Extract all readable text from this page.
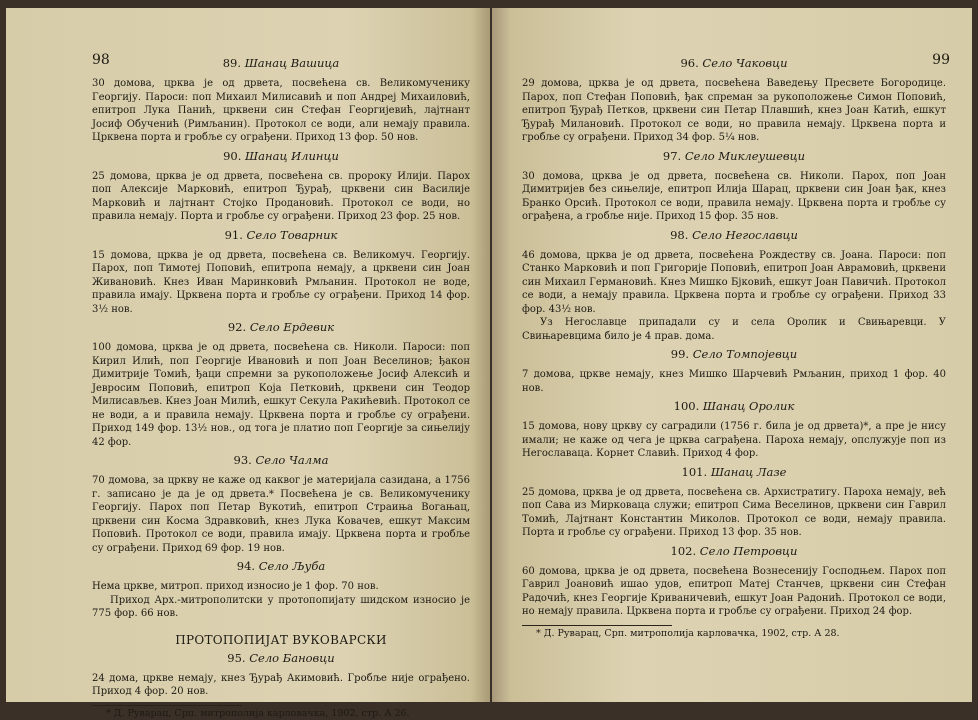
98	89. Шанац Вашица

30 домова, црква је од дрвета, посвећена св. Великомученику Георгију. Пароси: поп Михаил Милисавић и поп Андреј Михаиловић, епитроп Лука Панић, црквени син Стефан Георгијевић, лајтнант Јосиф Обученић (Римљанин). Протокол се води, али немају правила. Црквена порта и гробље су ограђени. Приход 13 фор. 50 нов.

90. Шанац Илинци

25 домова, црква је од дрвета, посвећена св. пророку Илији. Парох поп Алексије Марковић, епитроп Ђурађ, црквени син Василије Марковић и лајтнант Стојко Продановић. Протокол се води, но правила немају. Порта и гробље су ограђени. Приход 23 фор. 25 нов.

91. Село Товарник

15 домова, црква је од дрвета, посвећена св. Великомуч. Георгију. Парох, поп Тимотеј Поповић, епитропа немају, а црквени син Јоан Живановић. Кнез Иван Маринковић Рмљанин. Протокол не воде, правила имају. Црквена порта и гробље су ограђени. Приход 14 фор. 3½ нов.

92. Село Ердевик

100 домова, црква је од дрвета, посвећена св. Николи. Пароси: поп Кирил Илић, поп Георгије Ивановић и поп Јоан Веселинов; ђакон Димитрије Томић, ђаци спремни за рукоположење Јосиф Алексић и Јевросим Поповић, епитроп Којa Петковић, црквени син Теодор Милисављев. Кнез Јоан Милић, ешкут Секула Ракићевић. Протокол се не води, а и правила немају. Црквена порта и гробље су ограђени. Приход 149 фор. 13½ нов., од тога је платио поп Георгије за сињелију 42 фор.

93. Село Чалма

70 домова, за цркву не каже од каквог је материјала сазидана, а 1756 г. записано је да је од дрвета.* Посвећена је св. Великомученику Георгију. Парох поп Петар Вукотић, епитроп Страиња Вогањац, црквени син Косма Здравковић, кнез Лука Ковачев, ешкут Максим Поповић. Протокол се води, правила имају. Црквена порта и гробље су ограђени. Приход 69 фор. 19 нов.

94. Село Љуба

Нема цркве, митроп. приход износио је 1 фор. 70 нов.

Приход Арх.-митрополитски у протопопијату шидском износио је 775 фор. 66 нов.

ПРОТОПОПИЈАТ ВУКОВАРСКИ
95. Село Бановци

24 дома, цркве немају, кнез Ђурађ Акимовић. Гробље није ограђено. Приход 4 фор. 20 нов.

* Д. Руварац, Срп. митрополија карловачка, 1902, стр. А 26.
99
96. Село Чаковци

29 домова, црква је од дрвета, посвећена Ваведењу Пресвете Богородице. Парох, поп Стефан Поповић, ђак спреман за рукоположење Симон Поповић, епитроп Ђурађ Петков, црквени син Петар Плавшић, кнез Јоан Катић, ешкут Ђурађ Милановић. Протокол се води, но правила немају. Црквена порта и гробље су ограђени. Приход 34 фор. 5¼ нов.

97. Село Миклеушевци

30 домова, црква је од дрвета, посвећена св. Николи. Парох, поп Јоан Димитријев без сињелије, епитроп Илија Шарац, црквени син Јоан ђак, кнез Бранко Орсић. Протокол се води, правила немају. Црквена порта и гробље су ограђена, а гробље није. Приход 15 фор. 35 нов.

98. Село Негославци

46 домова, црква је од дрвета, посвећена Рождеству св. Јоана. Пароси: поп Станко Марковић и поп Григорије Поповић, епитроп Јоан Аврамовић, црквени син Михаил Германовић. Кнез Мишко Бјковић, ешкут Јоан Павичић. Протокол се води, а немају правила. Црквена порта и гробље су ограђени. Приход 33 фор. 43½ нов.

Уз Негославце припадали су и села Оролик и Свињаревци. У Свињаревцима било је 4 прав. дома.

99. Село Томпојевци

7 домова, цркве немају, кнез Мишко Шарчевић Рмљанин, приход 1 фор. 40 нов.

100. Шанац Оролик

15 домова, нову цркву су саградили (1756 г. била је од дрвета)*, а пре је нису имали; не каже од чега је црква саграђена. Пароха немају, опслужује поп из Негославаца. Корнет Славић. Приход 4 фор.

101. Шанац Лазе

25 домова, црква је од дрвета, посвећена св. Архистратигу. Пароха немају, већ поп Сава из Мирковаца служи; епитроп Сима Веселинов, црквени син Гаврил Томић, Лајтнант Константин Миколов. Протокол се води, немају правила. Порта и гробље су ограђени. Приход 13 фор. 35 нов.

102. Село Петровци

60 домова, црква је од дрвета, посвећена Вознесенију Господњем. Парох поп Гаврил Јоановић ишао удов, епитроп Матеј Станчев, црквени син Стефан Радочић, кнез Георгије Криваничевић, ешкут Јоан Радонић. Протокол се води, но немају правила. Црквена порта и гробље су ограђени. Приход 24 фор.

* Д. Руварац, Срп. митрополија карловачка, 1902, стр. А 28.
